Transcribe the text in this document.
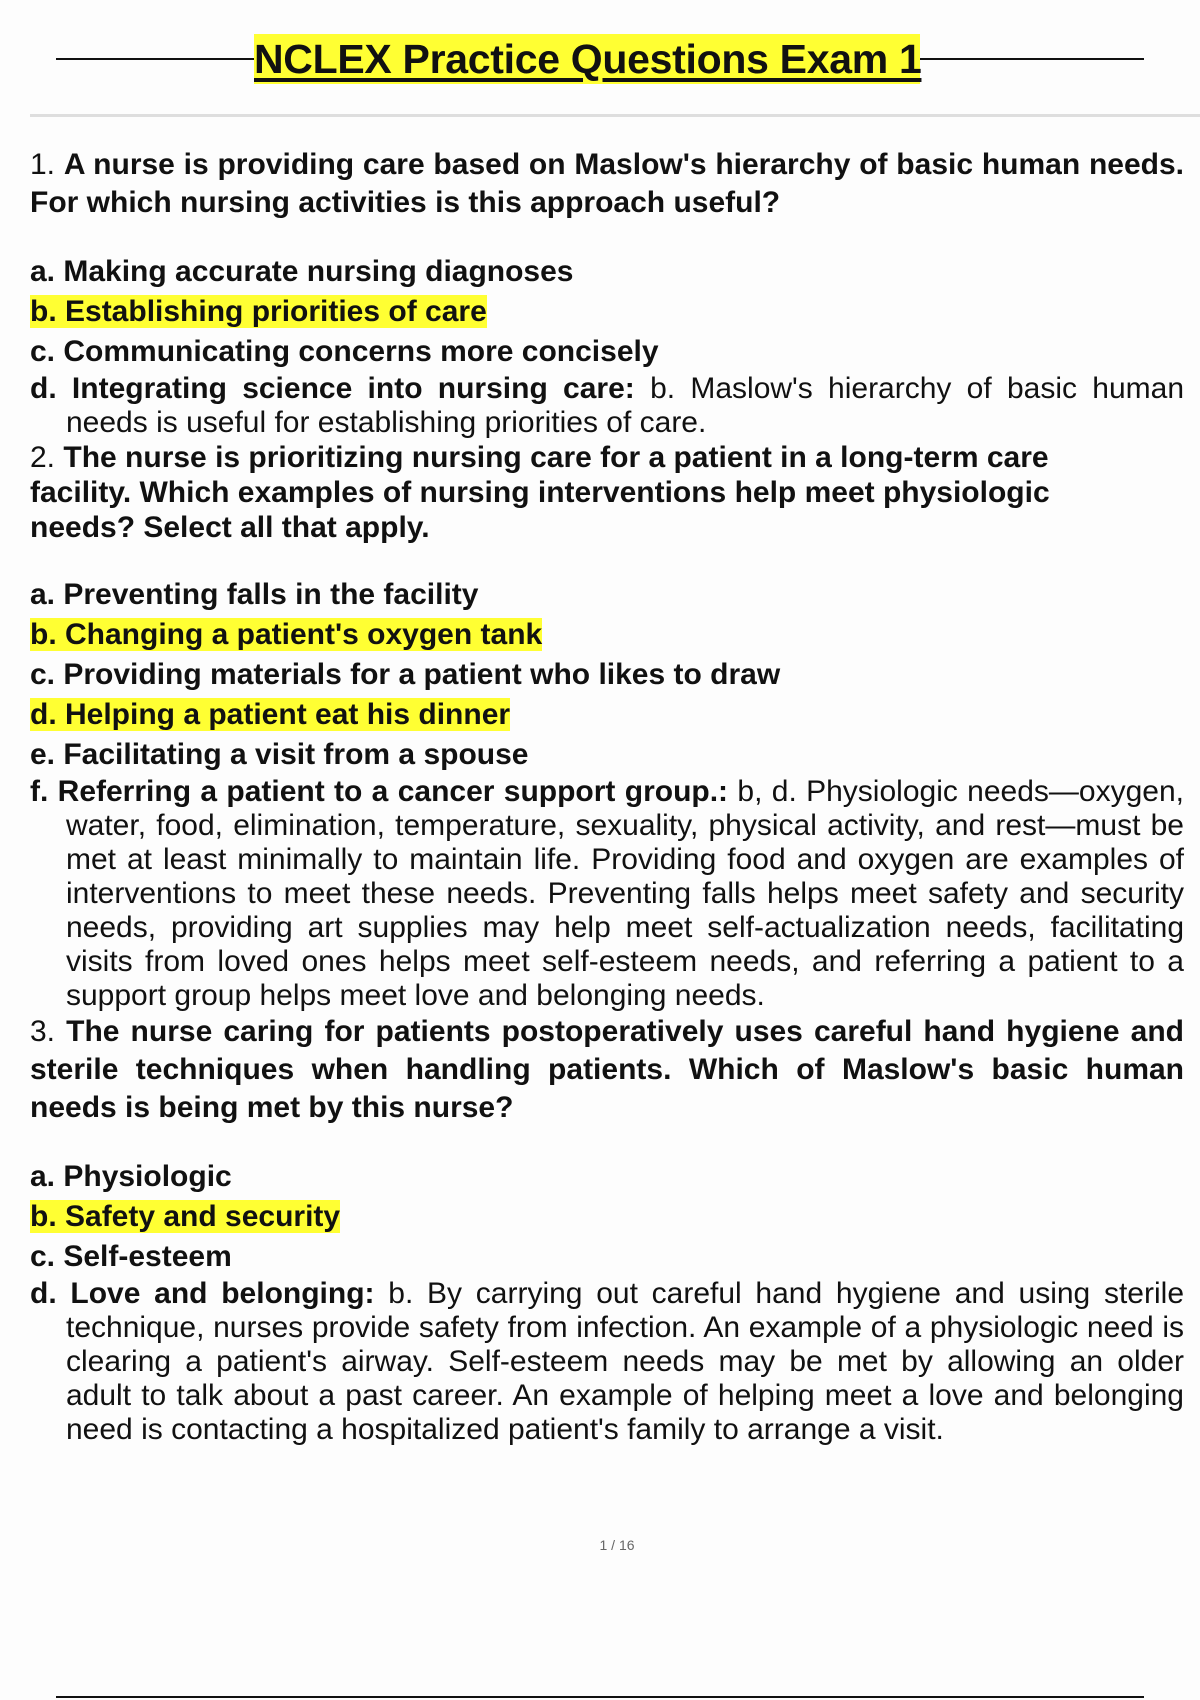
NCLEX Practice Questions Exam 1

1. A nurse is providing care based on Maslow's hierarchy of basic human needs. For which nursing activities is this approach useful?

a. Making accurate nursing diagnoses

b. Establishing priorities of care

c. Communicating concerns more concisely

d. Integrating science into nursing care: b. Maslow's hierarchy of basic human needs is useful for establishing priorities of care.

2. The nurse is prioritizing nursing care for a patient in a long-term care facility. Which examples of nursing interventions help meet physiologic needs? Select all that apply.

a. Preventing falls in the facility

b. Changing a patient's oxygen tank

c. Providing materials for a patient who likes to draw

d. Helping a patient eat his dinner

e. Facilitating a visit from a spouse

f. Referring a patient to a cancer support group.: b, d. Physiologic needs—oxygen, water, food, elimination, temperature, sexuality, physical activity, and rest—must be met at least minimally to maintain life. Providing food and oxygen are examples of interventions to meet these needs. Preventing falls helps meet safety and security needs, providing art supplies may help meet self-actualization needs, facilitating visits from loved ones helps meet self-esteem needs, and referring a patient to a support group helps meet love and belonging needs.

3. The nurse caring for patients postoperatively uses careful hand hygiene and sterile techniques when handling patients. Which of Maslow's basic human needs is being met by this nurse?

a. Physiologic

b. Safety and security

c. Self-esteem

d. Love and belonging: b. By carrying out careful hand hygiene and using sterile technique, nurses provide safety from infection. An example of a physiologic need is clearing a patient's airway. Self-esteem needs may be met by allowing an older adult to talk about a past career. An example of helping meet a love and belonging need is contacting a hospitalized patient's family to arrange a visit.

1 / 16
